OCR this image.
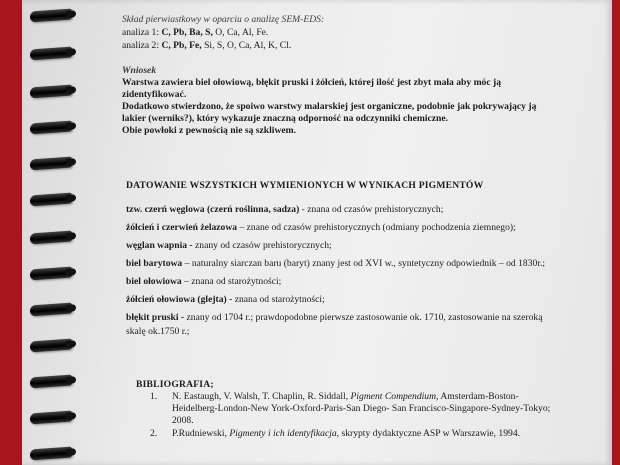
Skład pierwiastkowy w oparciu o analizę SEM-EDS:
analiza 1: C, Pb, Ba, S, O, Ca, Al, Fe.
analiza 2: C, Pb, Fe, Si, S, O, Ca, Al, K, Cl.
Wniosek
Warstwa zawiera biel ołowiową, błękit pruski i żółcień, której ilość jest zbyt mała aby móc ją
zidentyfikować.
Dodatkowo stwierdzono, że spoiwo warstwy malarskiej jest organiczne, podobnie jak pokrywający ją
lakier (werniks?), który wykazuje znaczną odporność na odczynniki chemiczne.
Obie powłoki z pewnością nie są szkliwem.
DATOWANIE WSZYSTKICH WYMIENIONYCH W WYNIKACH PIGMENTÓW
tzw. czerń węglowa (czerń roślinna, sadza) - znana od czasów prehistorycznych;
żółcień i czerwień żelazowa – znane od czasów prehistorycznych (odmiany pochodzenia ziemnego);
węglan wapnia - znany od czasów prehistorycznych;
biel barytowa – naturalny siarczan baru (baryt) znany jest od XVI w., syntetyczny odpowiednik – od 1830r.;
biel ołowiowa – znana od starożytności;
żółcień ołowiowa (glejta) - znana od starożytności;
błękit pruski - znany od 1704 r.; prawdopodobne pierwsze zastosowanie ok. 1710, zastosowanie na szeroką
skalę ok.1750 r.;
BIBLIOGRAFIA;
1. N. Eastaugh, V. Walsh, T. Chaplin, R. Siddall, Pigment Compendium, Amsterdam-Boston-
Heidelberg-London-New York-Oxford-Paris-San Diego- San Francisco-Singapore-Sydney-Tokyo;
2008.
2. P.Rudniewski, Pigmenty i ich identyfikacja, skrypty dydaktyczne ASP w Warszawie, 1994.
